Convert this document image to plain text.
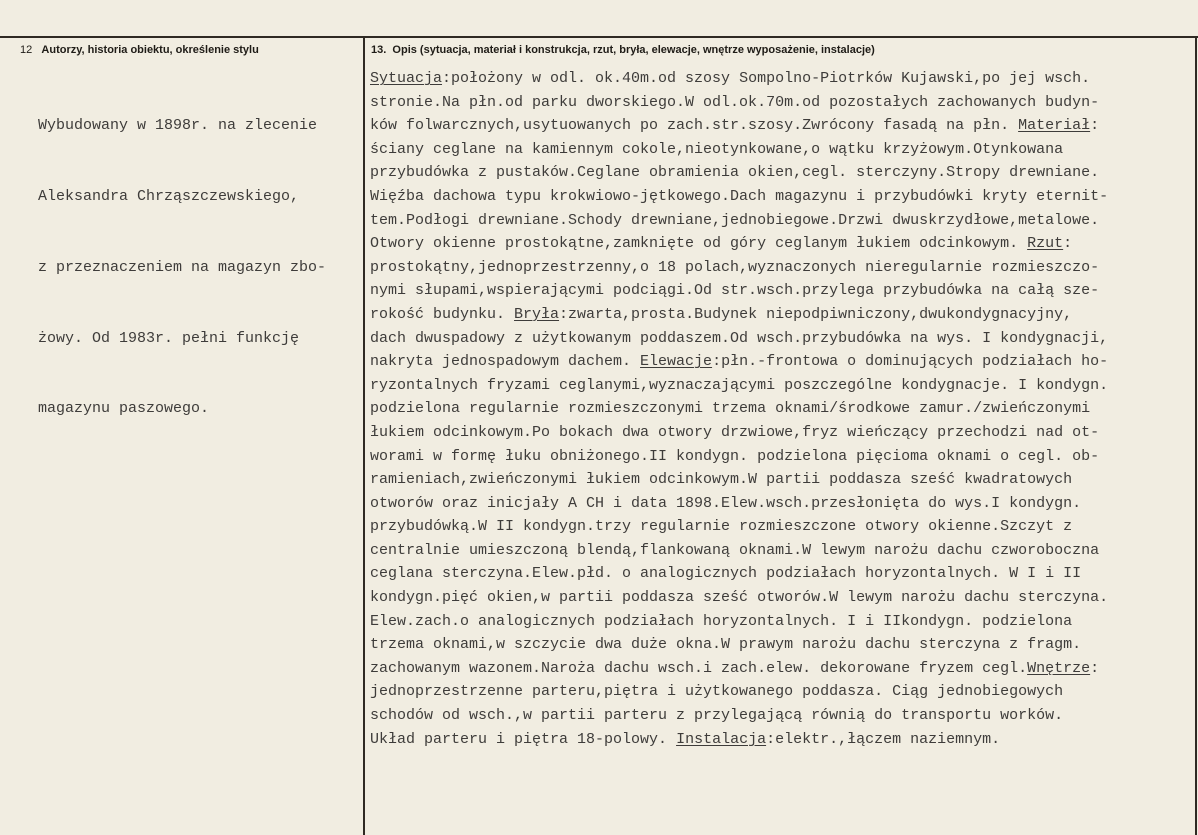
12 Autorzy, historia obiektu, określenie stylu	13. Opis (sytuacja, materiał i konstrukcja, rzut, bryła, elewacje, wnętrze wyposażenie, instalacje)

Wybudowany w 1898r. na zlecenie

Aleksandra Chrząszczewskiego,

z przeznaczeniem na magazyn zbo-

żowy. Od 1983r. pełni funkcję

magazynu paszowego.

Sytuacja:położony w odl. ok.40m.od szosy Sompolno-Piotrków Kujawski,po jej wsch.
stronie.Na płn.od parku dworskiego.W odl.ok.70m.od pozostałych zachowanych budyn-
ków folwarcznych,usytuowanych po zach.str.szosy.Zwrócony fasadą na płn. Materiał:
ściany ceglane na kamiennym cokole,nieotynkowane,o wątku krzyżowym.Otynkowana
przybudówka z pustaków.Ceglane obramienia okien,cegl. sterczyny.Stropy drewniane.
Więźba dachowa typu krokwiowo-jętkowego.Dach magazynu i przybudówki kryty eternit-
tem.Podłogi drewniane.Schody drewniane,jednobiegowe.Drzwi dwuskrzydłowe,metalowe.
Otwory okienne prostokątne,zamknięte od góry ceglanym łukiem odcinkowym. Rzut:
prostokątny,jednoprzestrzenny,o 18 polach,wyznaczonych nieregularnie rozmieszczo-
nymi słupami,wspierającymi podciągi.Od str.wsch.przylega przybudówka na całą sze-
rokość budynku. Bryła:zwarta,prosta.Budynek niepodpiwniczony,dwukondygnacyjny,
dach dwuspadowy z użytkowanym poddaszem.Od wsch.przybudówka na wys. I kondygnacji,
nakryta jednospadowym dachem. Elewacje:płn.-frontowa o dominujących podziałach ho-
ryzontalnych fryzami ceglanymi,wyznaczającymi poszczególne kondygnacje. I kondygn.
podzielona regularnie rozmieszczonymi trzema oknami/środkowe zamur./zwieńczonymi
łukiem odcinkowym.Po bokach dwa otwory drzwiowe,fryz wieńczący przechodzi nad ot-
worami w formę łuku obniżonego.II kondygn. podzielona pięcioma oknami o cegl. ob-
ramieniach,zwieńczonymi łukiem odcinkowym.W partii poddasza sześć kwadratowych
otworów oraz inicjały A CH i data 1898.Elew.wsch.przesłonięta do wys.I kondygn.
przybudówką.W II kondygn.trzy regularnie rozmieszczone otwory okienne.Szczyt z
centralnie umieszczoną blendą,flankowaną oknami.W lewym narożu dachu czworoboczna
ceglana sterczyna.Elew.płd. o analogicznych podziałach horyzontalnych. W I i II
kondygn.pięć okien,w partii poddasza sześć otworów.W lewym narożu dachu sterczyna.
Elew.zach.o analogicznych podziałach horyzontalnych. I i IIkondygn. podzielona
trzema oknami,w szczycie dwa duże okna.W prawym narożu dachu sterczyna z fragm.
zachowanym wazonem.Naroża dachu wsch.i zach.elew. dekorowane fryzem cegl.Wnętrze:
jednoprzestrzenne parteru,piętra i użytkowanego poddasza. Ciąg jednobiegowych
schodów od wsch.,w partii parteru z przylegającą równią do transportu worków.
Układ parteru i piętra 18-polowy. Instalacja:elektr.,łączem naziemnym.
